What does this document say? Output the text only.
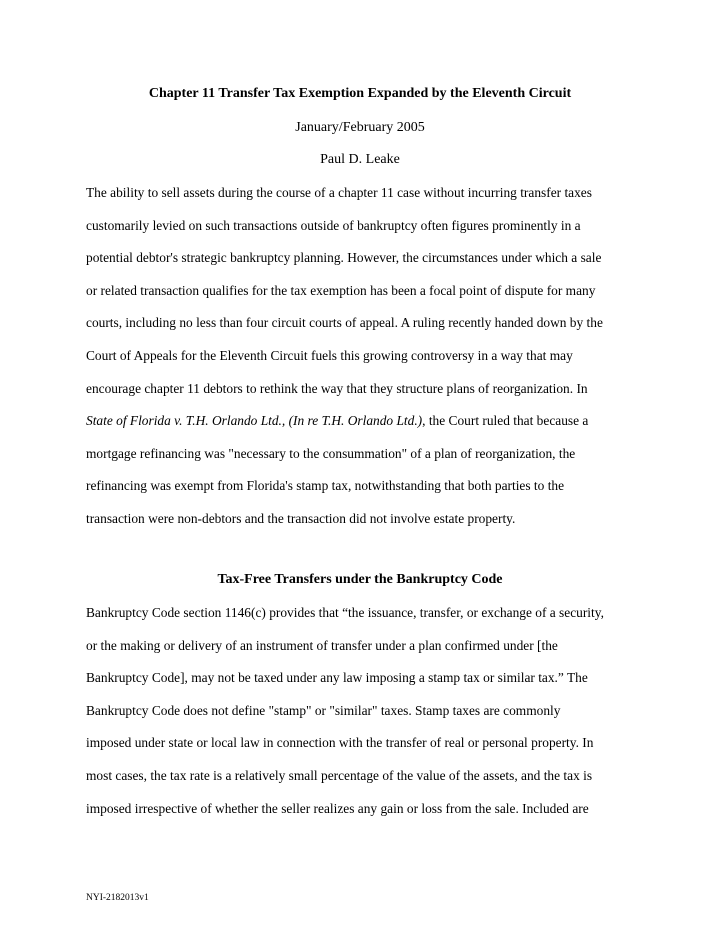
Chapter 11 Transfer Tax Exemption Expanded by the Eleventh Circuit
January/February 2005
Paul D. Leake
The ability to sell assets during the course of a chapter 11 case without incurring transfer taxes
customarily levied on such transactions outside of bankruptcy often figures prominently in a
potential debtor's strategic bankruptcy planning. However, the circumstances under which a sale
or related transaction qualifies for the tax exemption has been a focal point of dispute for many
courts, including no less than four circuit courts of appeal. A ruling recently handed down by the
Court of Appeals for the Eleventh Circuit fuels this growing controversy in a way that may
encourage chapter 11 debtors to rethink the way that they structure plans of reorganization. In
State of Florida v. T.H. Orlando Ltd., (In re T.H. Orlando Ltd.), the Court ruled that because a
mortgage refinancing was "necessary to the consummation" of a plan of reorganization, the
refinancing was exempt from Florida's stamp tax, notwithstanding that both parties to the
transaction were non-debtors and the transaction did not involve estate property.
Tax-Free Transfers under the Bankruptcy Code
Bankruptcy Code section 1146(c) provides that “the issuance, transfer, or exchange of a security,
or the making or delivery of an instrument of transfer under a plan confirmed under [the
Bankruptcy Code], may not be taxed under any law imposing a stamp tax or similar tax.” The
Bankruptcy Code does not define "stamp" or "similar" taxes. Stamp taxes are commonly
imposed under state or local law in connection with the transfer of real or personal property. In
most cases, the tax rate is a relatively small percentage of the value of the assets, and the tax is
imposed irrespective of whether the seller realizes any gain or loss from the sale. Included are
NYI-2182013v1
